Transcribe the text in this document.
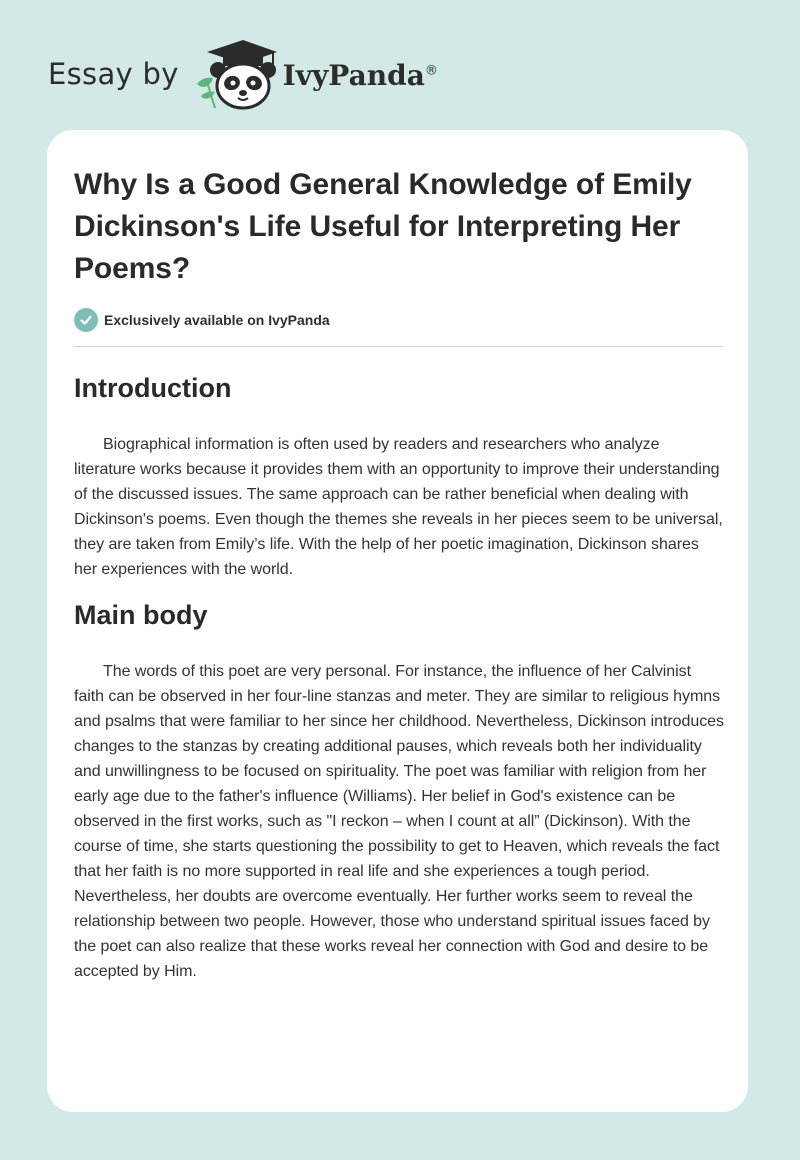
Essay by	IvyPanda®
Why Is a Good General Knowledge of Emily Dickinson's Life Useful for Interpreting Her Poems?
Exclusively available on IvyPanda
Introduction

Biographical information is often used by readers and researchers who analyze literature works because it provides them with an opportunity to improve their understanding of the discussed issues. The same approach can be rather beneficial when dealing with Dickinson's poems. Even though the themes she reveals in her pieces seem to be universal, they are taken from Emily’s life. With the help of her poetic imagination, Dickinson shares her experiences with the world.

Main body

The words of this poet are very personal. For instance, the influence of her Calvinist faith can be observed in her four-line stanzas and meter. They are similar to religious hymns and psalms that were familiar to her since her childhood. Nevertheless, Dickinson introduces changes to the stanzas by creating additional pauses, which reveals both her individuality and unwillingness to be focused on spirituality. The poet was familiar with religion from her early age due to the father's influence (Williams). Her belief in God's existence can be observed in the first works, such as "I reckon – when I count at all” (Dickinson). With the course of time, she starts questioning the possibility to get to Heaven, which reveals the fact that her faith is no more supported in real life and she experiences a tough period. Nevertheless, her doubts are overcome eventually. Her further works seem to reveal the relationship between two people. However, those who understand spiritual issues faced by the poet can also realize that these works reveal her connection with God and desire to be accepted by Him.
